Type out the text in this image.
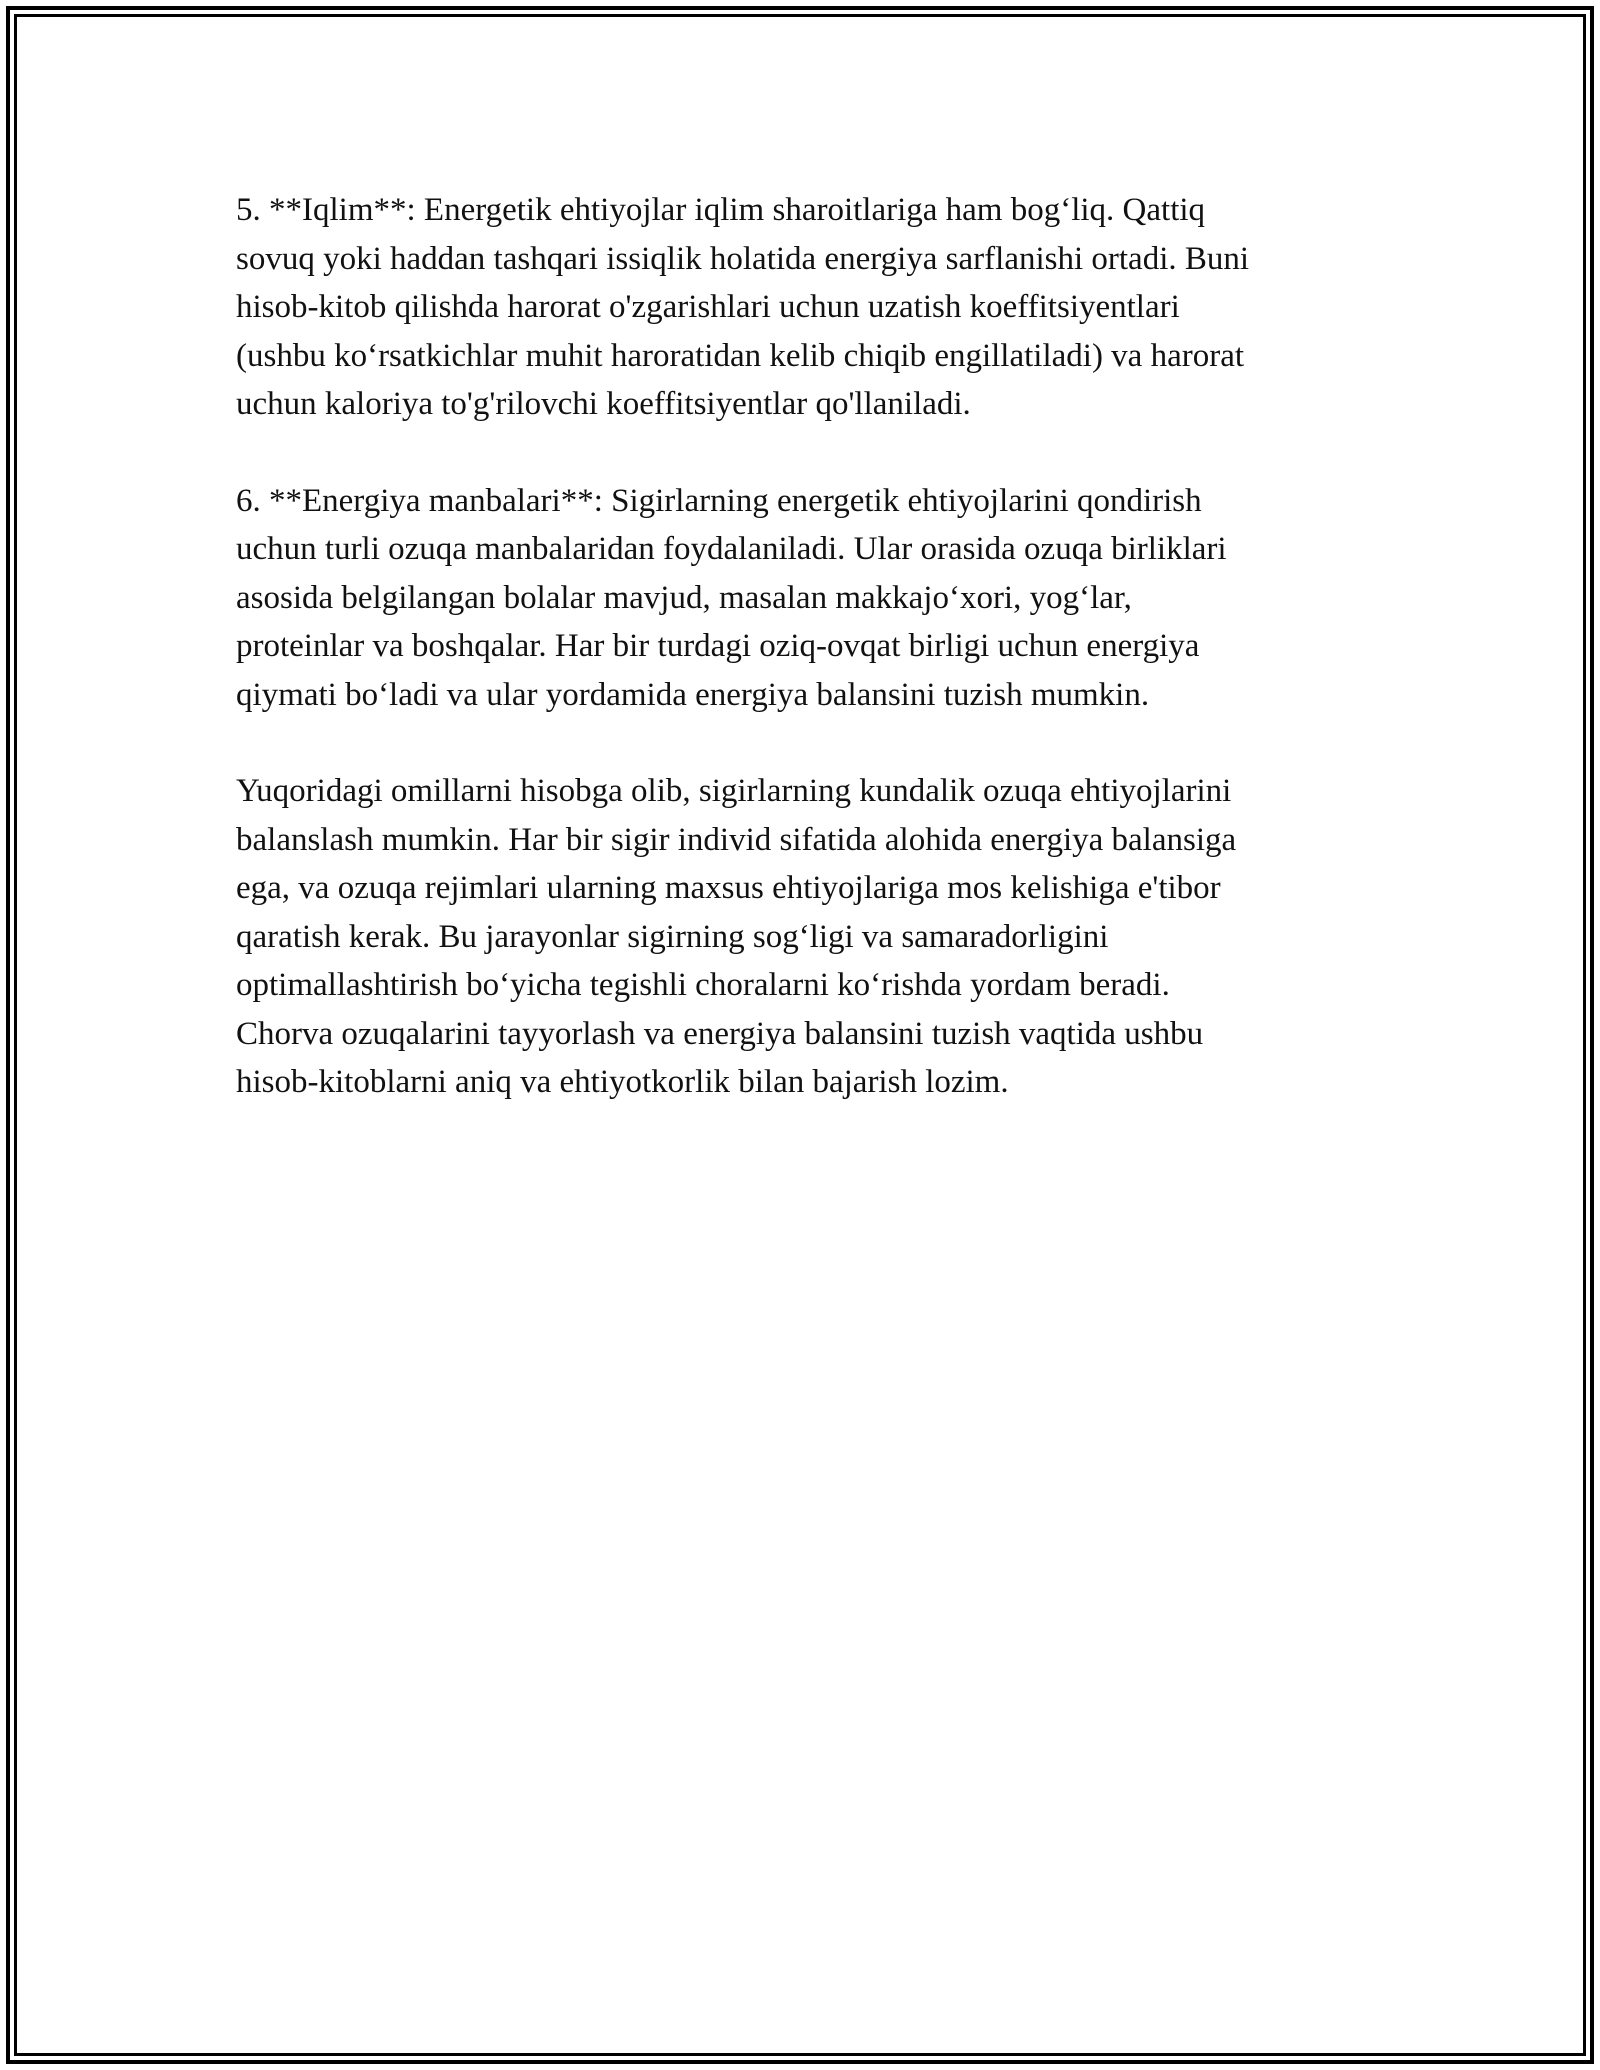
5. **Iqlim**: Energetik ehtiyojlar iqlim sharoitlariga ham bog‘liq. Qattiq
sovuq yoki haddan tashqari issiqlik holatida energiya sarflanishi ortadi. Buni
hisob-kitob qilishda harorat o'zgarishlari uchun uzatish koeffitsiyentlari
(ushbu ko‘rsatkichlar muhit haroratidan kelib chiqib engillatiladi) va harorat
uchun kaloriya to'g'rilovchi koeffitsiyentlar qo'llaniladi.

6. **Energiya manbalari**: Sigirlarning energetik ehtiyojlarini qondirish
uchun turli ozuqa manbalaridan foydalaniladi. Ular orasida ozuqa birliklari
asosida belgilangan bolalar mavjud, masalan makkajo‘xori, yog‘lar,
proteinlar va boshqalar. Har bir turdagi oziq-ovqat birligi uchun energiya
qiymati bo‘ladi va ular yordamida energiya balansini tuzish mumkin.

Yuqoridagi omillarni hisobga olib, sigirlarning kundalik ozuqa ehtiyojlarini
balanslash mumkin. Har bir sigir individ sifatida alohida energiya balansiga
ega, va ozuqa rejimlari ularning maxsus ehtiyojlariga mos kelishiga e'tibor
qaratish kerak. Bu jarayonlar sigirning sog‘ligi va samaradorligini
optimallashtirish bo‘yicha tegishli choralarni ko‘rishda yordam beradi.
Chorva ozuqalarini tayyorlash va energiya balansini tuzish vaqtida ushbu
hisob-kitoblarni aniq va ehtiyotkorlik bilan bajarish lozim.
